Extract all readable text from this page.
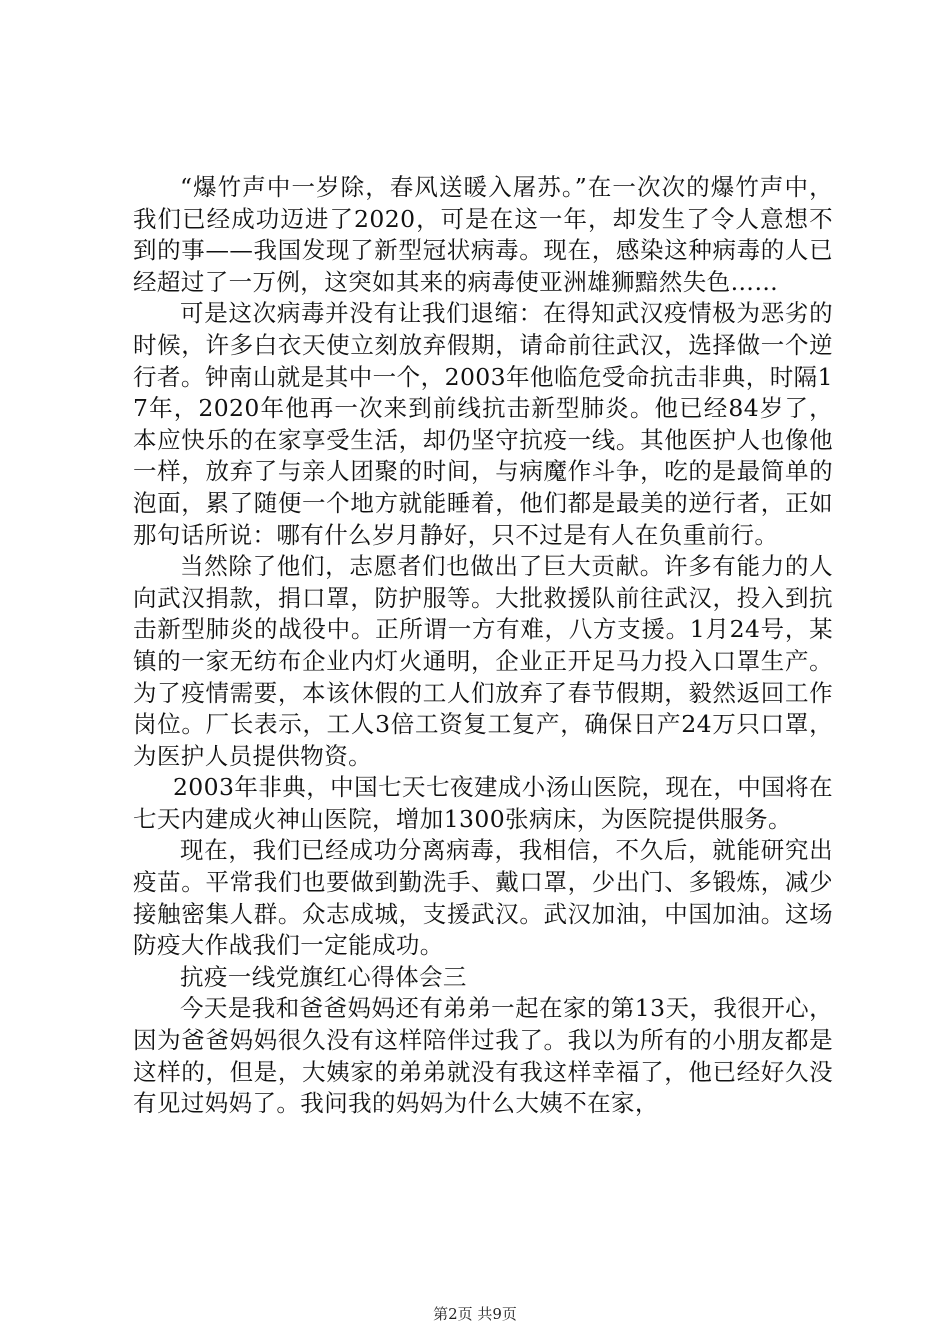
“爆竹声中一岁除，春风送暖入屠苏。”在一次次的爆竹声中，我们已经成功迈进了2020，可是在这一年，却发生了令人意想不到的事——我国发现了新型冠状病毒。现在，感染这种病毒的人已经超过了一万例，这突如其来的病毒使亚洲雄狮黯然失色……

可是这次病毒并没有让我们退缩：在得知武汉疫情极为恶劣的时候，许多白衣天使立刻放弃假期，请命前往武汉，选择做一个逆行者。钟南山就是其中一个，2003年他临危受命抗击非典，时隔17年，2020年他再一次来到前线抗击新型肺炎。他已经84岁了，本应快乐的在家享受生活，却仍坚守抗疫一线。其他医护人也像他一样，放弃了与亲人团聚的时间，与病魔作斗争，吃的是最简单的泡面，累了随便一个地方就能睡着，他们都是最美的逆行者，正如那句话所说：哪有什么岁月静好，只不过是有人在负重前行。

当然除了他们，志愿者们也做出了巨大贡献。许多有能力的人向武汉捐款，捐口罩，防护服等。大批救援队前往武汉，投入到抗击新型肺炎的战役中。正所谓一方有难，八方支援。1月24号，某镇的一家无纺布企业内灯火通明，企业正开足马力投入口罩生产。为了疫情需要，本该休假的工人们放弃了春节假期，毅然返回工作岗位。厂长表示，工人3倍工资复工复产，确保日产24万只口罩，为医护人员提供物资。

2003年非典，中国七天七夜建成小汤山医院，现在，中国将在七天内建成火神山医院，增加1300张病床，为医院提供服务。

现在，我们已经成功分离病毒，我相信，不久后，就能研究出疫苗。平常我们也要做到勤洗手、戴口罩，少出门、多锻炼，减少接触密集人群。众志成城，支援武汉。武汉加油，中国加油。这场防疫大作战我们一定能成功。

抗疫一线党旗红心得体会三

今天是我和爸爸妈妈还有弟弟一起在家的第13天，我很开心，因为爸爸妈妈很久没有这样陪伴过我了。我以为所有的小朋友都是这样的，但是，大姨家的弟弟就没有我这样幸福了，他已经好久没有见过妈妈了。我问我的妈妈为什么大姨不在家，

第2页 共9页
